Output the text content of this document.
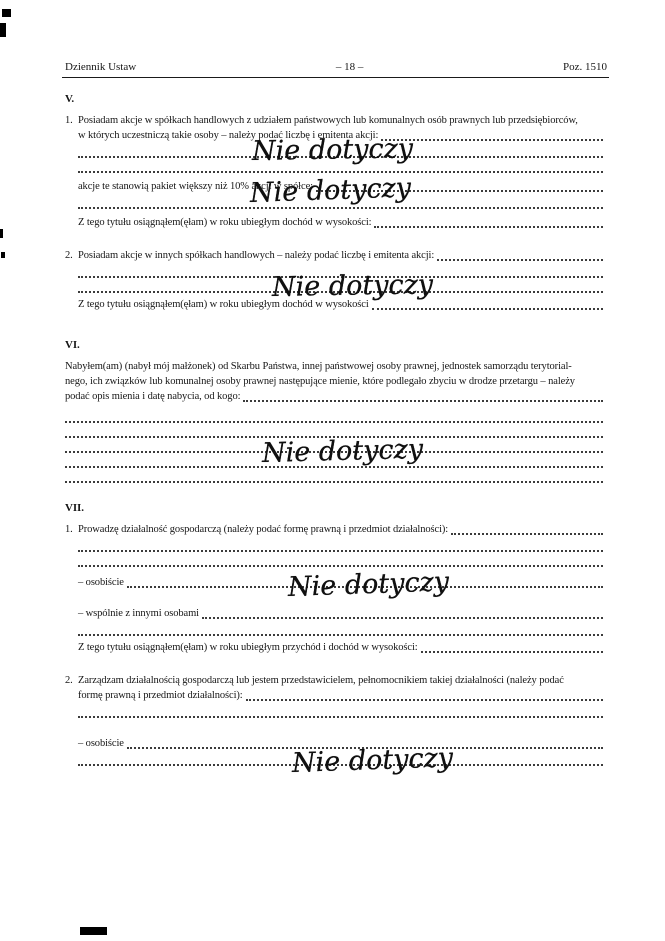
Dziennik Ustaw	– 18 –	Poz. 1510
V.
1. Posiadam akcje w spółkach handlowych z udziałem państwowych lub komunalnych osób prawnych lub przedsiębiorców,
w których uczestniczą takie osoby – należy podać liczbę i emitenta akcji:
akcje te stanowią pakiet większy niż 10% akcji w spółce:
Z tego tytułu osiągnąłem(ęłam) w roku ubiegłym dochód w wysokości:
2. Posiadam akcje w innych spółkach handlowych – należy podać liczbę i emitenta akcji:
Z tego tytułu osiągnąłem(ęłam) w roku ubiegłym dochód w wysokości
VI.
Nabyłem(am) (nabył mój małżonek) od Skarbu Państwa, innej państwowej osoby prawnej, jednostek samorządu terytorial-
nego, ich związków lub komunalnej osoby prawnej następujące mienie, które podlegało zbyciu w drodze przetargu – należy
podać opis mienia i datę nabycia, od kogo:
VII.
1. Prowadzę działalność gospodarczą (należy podać formę prawną i przedmiot działalności):
– osobiście
– wspólnie z innymi osobami
Z tego tytułu osiągnąłem(ęłam) w roku ubiegłym przychód i dochód w wysokości:
2. Zarządzam działalnością gospodarczą lub jestem przedstawicielem, pełnomocnikiem takiej działalności (należy podać
formę prawną i przedmiot działalności):
– osobiście
Nie dotyczy
Nie dotyczy
Nie dotyczy
Nie dotyczy
Nie dotyczy
Nie dotyczy
